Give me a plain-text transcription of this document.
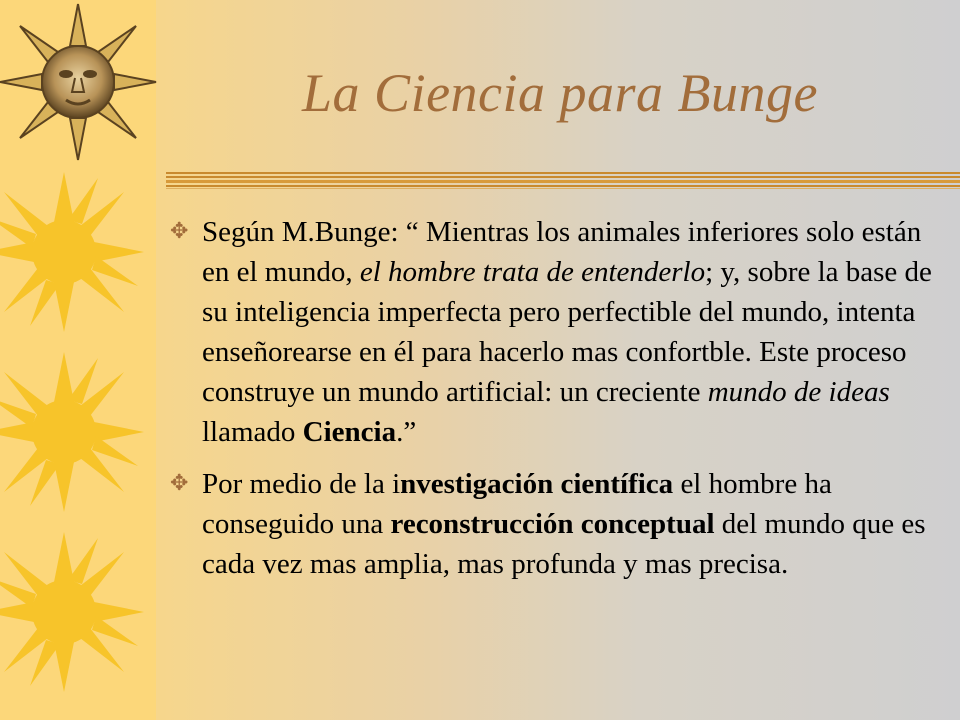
La Ciencia para Bunge
✥ Según M.Bunge: “ Mientras los animales inferiores solo están en el mundo, el hombre trata de entenderlo; y, sobre la base de su inteligencia imperfecta pero perfectible del mundo, intenta enseñorearse en él para hacerlo mas confortble. Este proceso construye un mundo artificial: un creciente mundo de ideas llamado Ciencia.”
✥ Por medio de la investigación científica el hombre ha conseguido una reconstrucción conceptual del mundo que es cada vez mas amplia, mas profunda y mas precisa.
